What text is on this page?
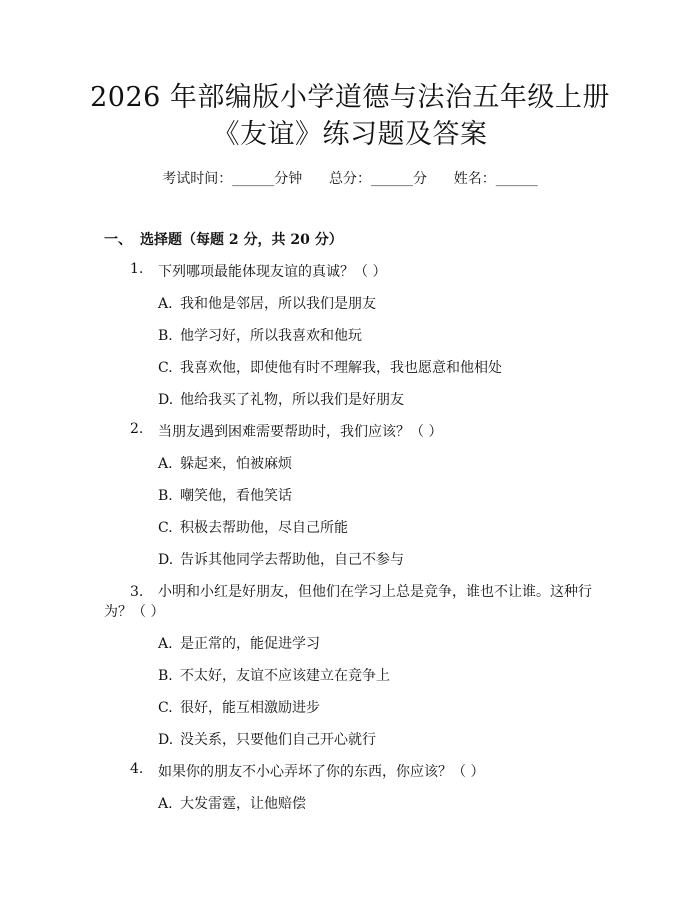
2026 年部编版小学道德与法治五年级上册
《友谊》练习题及答案
考试时间：______分钟      总分：______分      姓名：______
一、 选择题（每题 2 分，共 20 分）
1.	下列哪项最能体现友谊的真诚？（ ）
A. 我和他是邻居，所以我们是朋友
B. 他学习好，所以我喜欢和他玩
C. 我喜欢他，即使他有时不理解我，我也愿意和他相处
D. 他给我买了礼物，所以我们是好朋友
2.	当朋友遇到困难需要帮助时，我们应该？（ ）
A. 躲起来，怕被麻烦
B. 嘲笑他，看他笑话
C. 积极去帮助他，尽自己所能
D. 告诉其他同学去帮助他，自己不参与
3. 小明和小红是好朋友，但他们在学习上总是竞争，谁也不让谁。这种行
为？（ ）
A. 是正常的，能促进学习
B. 不太好，友谊不应该建立在竞争上
C. 很好，能互相激励进步
D. 没关系，只要他们自己开心就行
4.	如果你的朋友不小心弄坏了你的东西，你应该？（ ）
A. 大发雷霆，让他赔偿
